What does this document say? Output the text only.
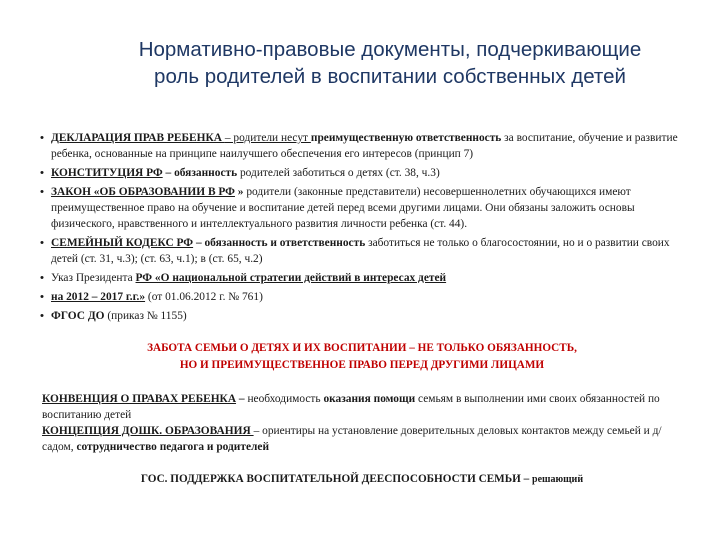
Нормативно-правовые документы, подчеркивающие
роль родителей в воспитании собственных детей
• ДЕКЛАРАЦИЯ ПРАВ РЕБЕНКА – родители несут преимущественную ответственность за воспитание, обучение и развитие ребенка, основанные на принципе наилучшего обеспечения его интересов (принцип 7)
• КОНСТИТУЦИЯ РФ – обязанность родителей заботиться о детях (ст. 38, ч.3)
• ЗАКОН «ОБ ОБРАЗОВАНИИ В РФ » родители (законные представители) несовершеннолетних обучающихся имеют преимущественное право на обучение и воспитание детей перед всеми другими лицами. Они обязаны заложить основы физического, нравственного и интеллектуального развития личности ребенка (ст. 44).
• СЕМЕЙНЫЙ КОДЕКС РФ – обязанность и ответственность заботиться не только о благосостоянии, но и о развитии своих детей (ст. 31, ч.3); (ст. 63, ч.1); в (ст. 65, ч.2)
• Указ Президента РФ «О национальной стратегии действий в интересах детей
• на 2012 – 2017 г.г.» (от 01.06.2012 г. № 761)
• ФГОС ДО (приказ № 1155)
ЗАБОТА СЕМЬИ О ДЕТЯХ И ИХ ВОСПИТАНИИ – НЕ ТОЛЬКО ОБЯЗАННОСТЬ,
НО И ПРЕИМУЩЕСТВЕННОЕ ПРАВО ПЕРЕД ДРУГИМИ ЛИЦАМИ

КОНВЕНЦИЯ О ПРАВАХ РЕБЕНКА – необходимость оказания помощи семьям в выполнении ими своих обязанностей по воспитанию детей

КОНЦЕПЦИЯ ДОШК. ОБРАЗОВАНИЯ – ориентиры на установление доверительных деловых контактов между семьей и д/садом, сотрудничество педагога и родителей

ГОС. ПОДДЕРЖКА ВОСПИТАТЕЛЬНОЙ ДЕЕСПОСОБНОСТИ СЕМЬИ – решающий
